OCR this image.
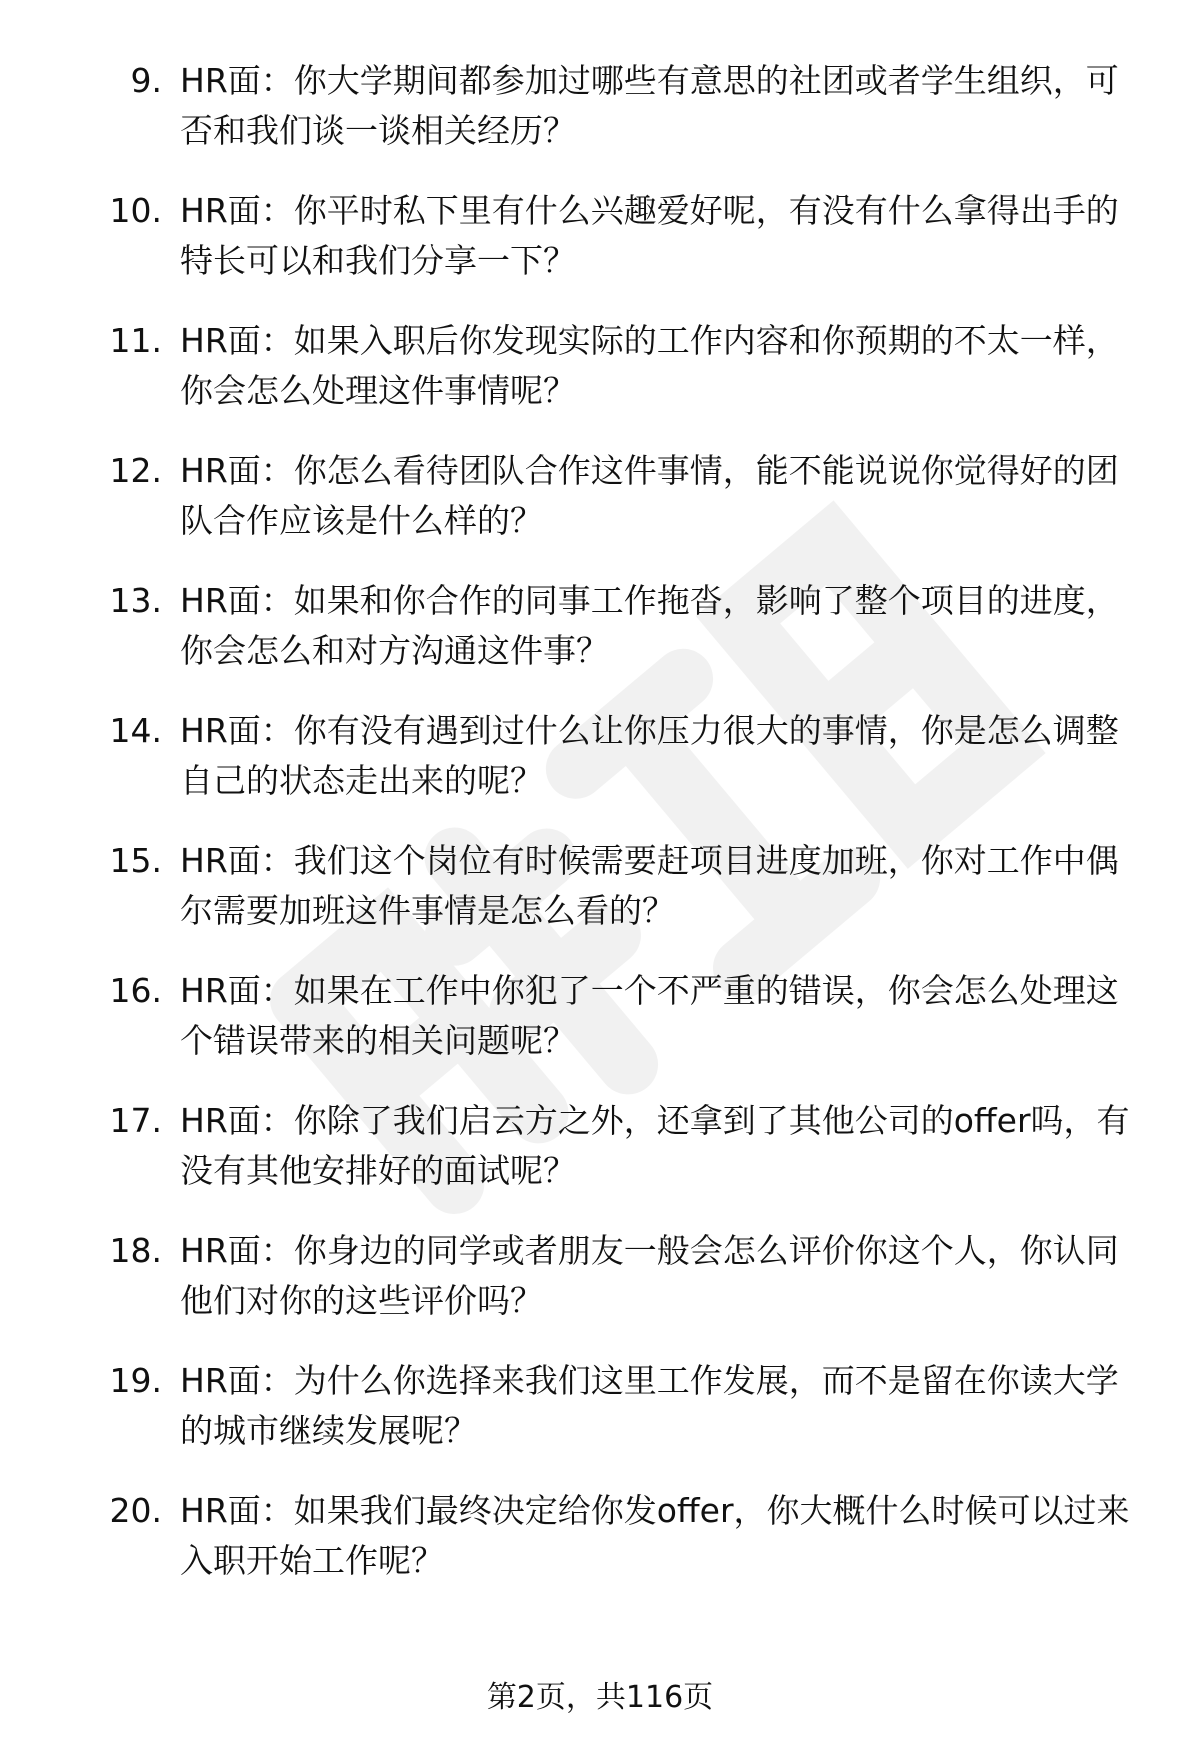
9. HR面：你大学期间都参加过哪些有意思的社团或者学生组织，可否和我们谈一谈相关经历？
10. HR面：你平时私下里有什么兴趣爱好呢，有没有什么拿得出手的特长可以和我们分享一下？
11. HR面：如果入职后你发现实际的工作内容和你预期的不太一样，你会怎么处理这件事情呢？
12. HR面：你怎么看待团队合作这件事情，能不能说说你觉得好的团队合作应该是什么样的？
13. HR面：如果和你合作的同事工作拖沓，影响了整个项目的进度，你会怎么和对方沟通这件事？
14. HR面：你有没有遇到过什么让你压力很大的事情，你是怎么调整自己的状态走出来的呢？
15. HR面：我们这个岗位有时候需要赶项目进度加班，你对工作中偶尔需要加班这件事情是怎么看的？
16. HR面：如果在工作中你犯了一个不严重的错误，你会怎么处理这个错误带来的相关问题呢？
17. HR面：你除了我们启云方之外，还拿到了其他公司的offer吗，有没有其他安排好的面试呢？
18. HR面：你身边的同学或者朋友一般会怎么评价你这个人，你认同他们对你的这些评价吗？
19. HR面：为什么你选择来我们这里工作发展，而不是留在你读大学的城市继续发展呢？
20. HR面：如果我们最终决定给你发offer，你大概什么时候可以过来入职开始工作呢？
第2页，共116页
